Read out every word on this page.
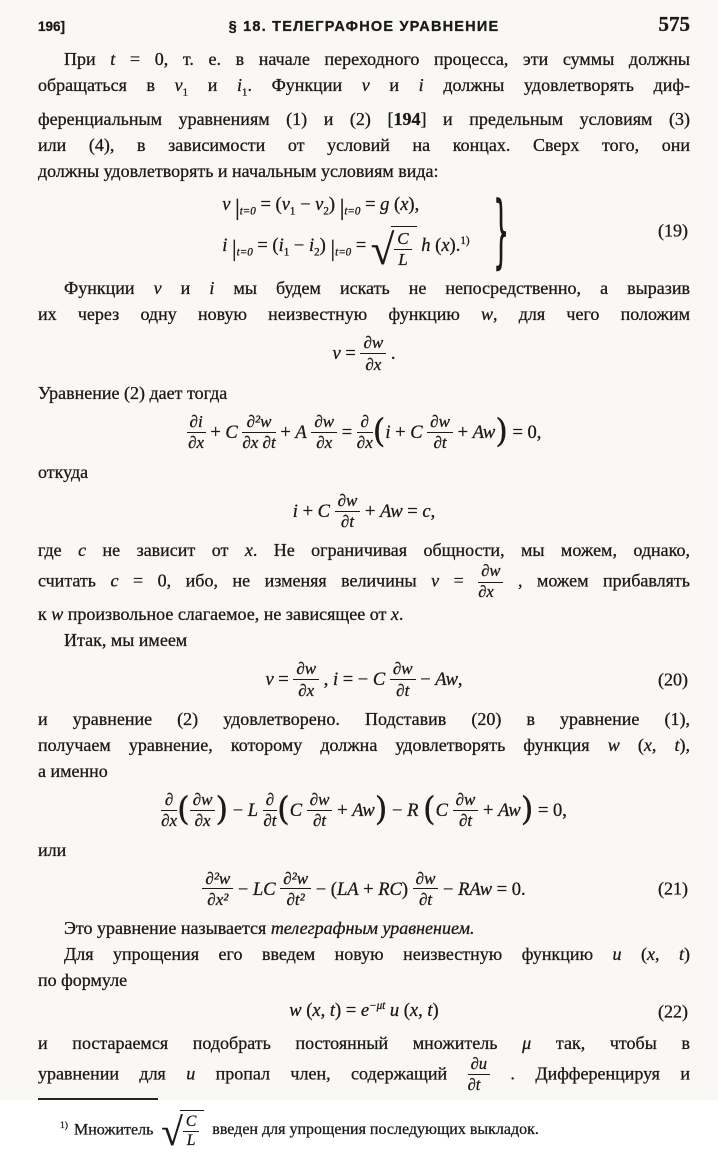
196]	§ 18. ТЕЛЕГРАФНОЕ УРАВНЕНИЕ	575
При t = 0, т. е. в начале переходного процесса, эти суммы должны
обращаться в $v_1$ и $i_1$. Функции v и i должны удовлетворять диф-
ференциальным уравнениям (1) и (2) [194] и предельным условиям (3)
или (4), в зависимости от условий на концах. Сверх того, они
должны удовлетворять и начальным условиям вида:
v $|_{t=0} = (v_1 - v_2) |_{t=0} = g$ (x),
i $|_{t=0} = (i_1 - i_2) |_{t=0}$ = √ $\frac{C}{L}$ h (x).$^{1)}$ }	(19)
Функции v и i мы будем искать не непосредственно, а выразив
их через одну новую неизвестную функцию w, для чего положим
$v = \frac{\partial w}{\partial x}$ .
Уравнение (2) дает тогда
$\frac{\partial i}{\partial x} + C \frac{\text{∂²w}}{\partial x \partial t} + A \frac{\partial w}{\partial x} = \frac{\partial}{\partial x} (i + C \frac{\partial w}{\partial t} + Aw) = 0$,
откуда
i + C $\frac{\partial w}{\partial t} + Aw = c$,
где c не зависит от x. Не ограничивая общности, мы можем, однако,
считать c = 0, ибо, не изменяя величины $v = \frac{\partial w}{\partial x}$ , можем прибавлять
к w произвольное слагаемое, не зависящее от x.
Итак, мы имеем
$v = \frac{\partial w}{\partial x}$ , i = − C $\frac{\partial w}{\partial t} - Aw$,	(20)
и уравнение (2) удовлетворено. Подставив (20) в уравнение (1),
получаем уравнение, которому должна удовлетворять функция w (x, t),
а именно
$\frac{\partial}{\partial x}$ ( $\frac{\partial w}{\partial x}$ ) − L $\frac{\partial}{\partial t} (C \frac{\partial w}{\partial t} + Aw) - R$ $(C \frac{\partial w}{\partial t} + Aw) = 0$,
или
$\frac{\text{∂²w}}{\text{∂x²}}$ − LC $\frac{\text{∂²w}}{\text{∂t²}} - (LA + RC) \frac{\partial w}{\partial t}$ − RAw = 0.	(21)
Это уравнение называется телеграфным уравнением.
Для упрощения его введем новую неизвестную функцию u (x, t)
по формуле
w (x, $t) = e^{-\mu t}$ u (x, t)	(22)
и постараемся подобрать постоянный множитель μ так, чтобы в
уравнении для u пропал член, содержащий $\frac{\partial u}{\partial t}$ . Дифференцируя и
$^{1)}$ Множитель √ $\frac{C}{L}$ введен для упрощения последующих выкладок.
